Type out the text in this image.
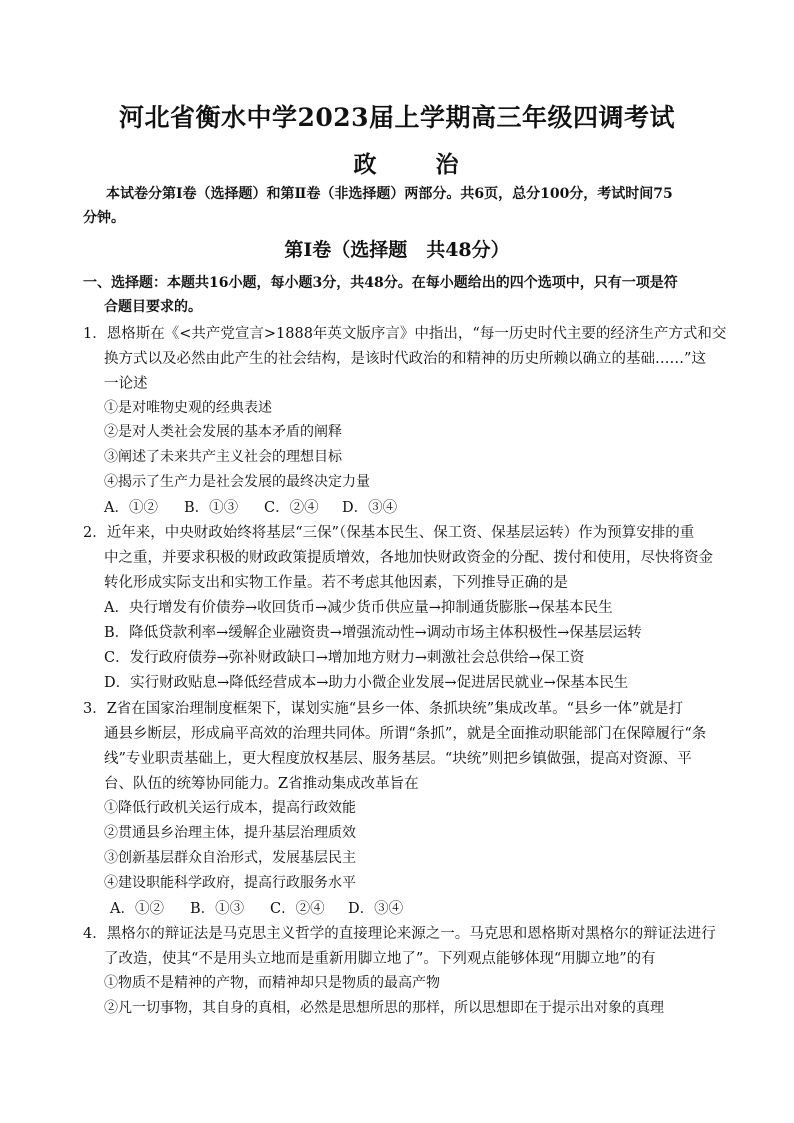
河北省衡水中学2023届上学期高三年级四调考试
政　治
本试卷分第Ⅰ卷（选择题）和第Ⅱ卷（非选择题）两部分。共6页，总分100分，考试时间75
分钟。
第Ⅰ卷（选择题　共48分）
一、选择题：本题共16小题，每小题3分，共48分。在每小题给出的四个选项中，只有一项是符
合题目要求的。
1．恩格斯在《<共产党宣言>1888年英文版序言》中指出，“每一历史时代主要的经济生产方式和交
换方式以及必然由此产生的社会结构，是该时代政治的和精神的历史所赖以确立的基础……”这
一论述
①是对唯物史观的经典表述
②是对人类社会发展的基本矛盾的阐释
③阐述了未来共产主义社会的理想目标
④揭示了生产力是社会发展的最终决定力量
A．①② B．①③ C．②④ D．③④
2．近年来，中央财政始终将基层“三保”（保基本民生、保工资、保基层运转）作为预算安排的重
中之重，并要求积极的财政政策提质增效，各地加快财政资金的分配、拨付和使用，尽快将资金
转化形成实际支出和实物工作量。若不考虑其他因素，下列推导正确的是
A．央行增发有价债券→收回货币→减少货币供应量→抑制通货膨胀→保基本民生
B．降低贷款利率→缓解企业融资贵→增强流动性→调动市场主体积极性→保基层运转
C．发行政府债券→弥补财政缺口→增加地方财力→刺激社会总供给→保工资
D．实行财政贴息→降低经营成本→助力小微企业发展→促进居民就业→保基本民生
3．Z省在国家治理制度框架下，谋划实施“县乡一体、条抓块统”集成改革。“县乡一体”就是打
通县乡断层，形成扁平高效的治理共同体。所谓“条抓”，就是全面推动职能部门在保障履行“条
线”专业职责基础上，更大程度放权基层、服务基层。“块统”则把乡镇做强，提高对资源、平
台、队伍的统筹协同能力。Z省推动集成改革旨在
①降低行政机关运行成本，提高行政效能
②贯通县乡治理主体，提升基层治理质效
③创新基层群众自治形式，发展基层民主
④建设职能科学政府，提高行政服务水平
A．①② B．①③ C．②④ D．③④
4．黑格尔的辩证法是马克思主义哲学的直接理论来源之一。马克思和恩格斯对黑格尔的辩证法进行
了改造，使其“不是用头立地而是重新用脚立地了”。下列观点能够体现“用脚立地”的有
①物质不是精神的产物，而精神却只是物质的最高产物
②凡一切事物，其自身的真相，必然是思想所思的那样，所以思想即在于提示出对象的真理
